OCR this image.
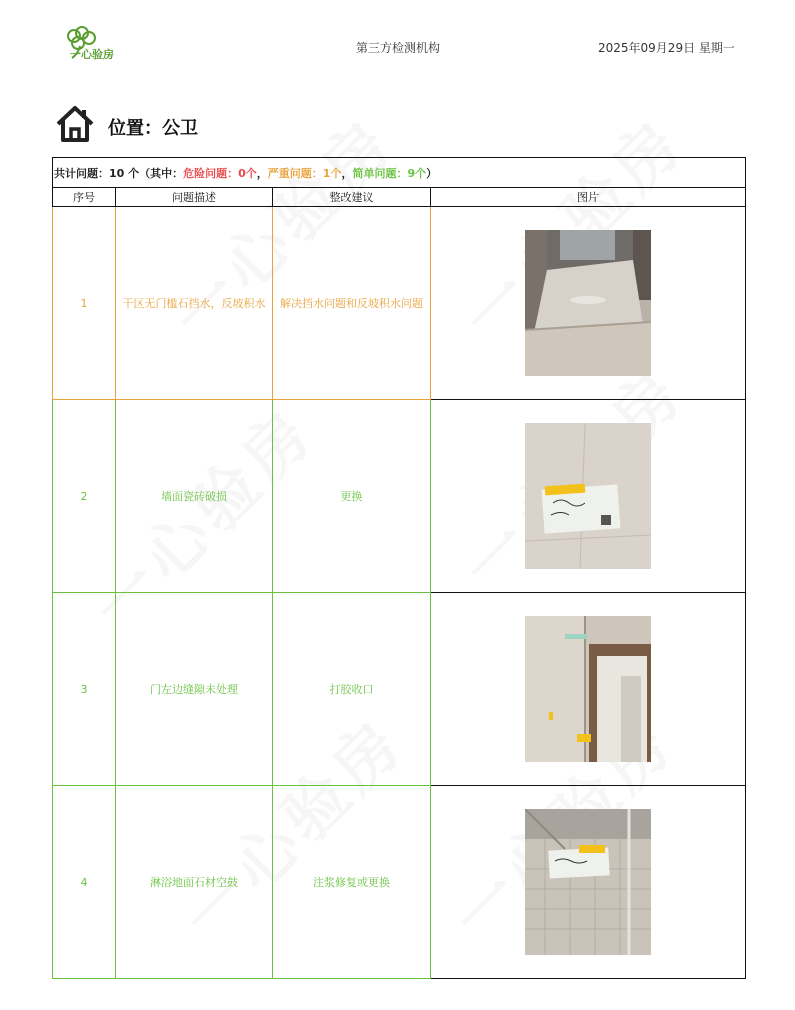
一心验房	第三方检测机构	2025年09月29日 星期一
位置：公卫
共计问题：10 个（其中：危险问题：0个，严重问题：1个，简单问题：9个）			
序号	问题描述	整改建议	图片
1	干区无门槛石挡水，反坡积水	解决挡水问题和反坡积水问题	

2	墙面瓷砖破损	更换	

3	门左边缝隙未处理	打胶收口	

4	淋浴地面石材空鼓	注浆修复或更换	
